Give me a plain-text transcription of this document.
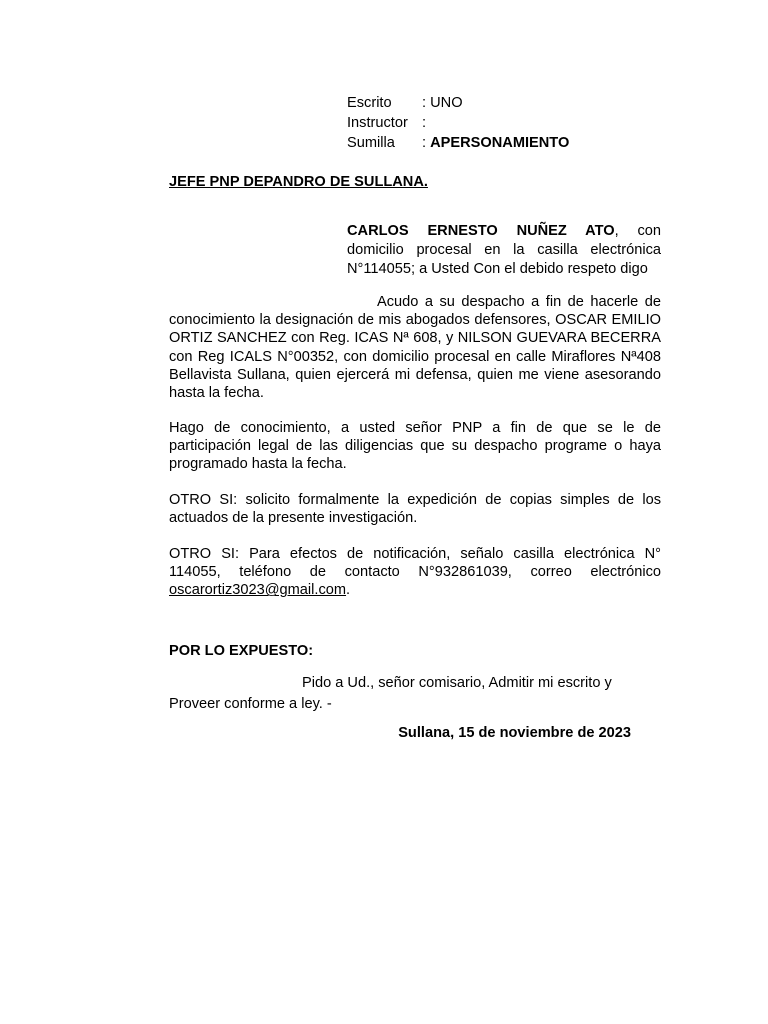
Escrito	: UNO
Instructor :
Sumilla	: APERSONAMIENTO
JEFE PNP DEPANDRO DE SULLANA.
CARLOS ERNESTO NUÑEZ ATO, con domicilio procesal en la casilla electrónica N°114055; a Usted Con el debido respeto digo
Acudo a su despacho a fin de hacerle de conocimiento la designación de mis abogados defensores, OSCAR EMILIO ORTIZ SANCHEZ con Reg. ICAS Nª 608, y NILSON GUEVARA BECERRA con Reg ICALS N°00352, con domicilio procesal en calle Miraflores Nª408 Bellavista Sullana, quien ejercerá mi defensa, quien me viene asesorando hasta la fecha.
Hago de conocimiento, a usted señor PNP a fin de que se le de participación legal de las diligencias que su despacho programe o haya programado hasta la fecha.
OTRO SI: solicito formalmente la expedición de copias simples de los actuados de la presente investigación.
OTRO SI: Para efectos de notificación, señalo casilla electrónica N° 114055, teléfono de contacto N°932861039, correo electrónico oscarortiz3023@gmail.com.
POR LO EXPUESTO:
Pido a Ud., señor comisario, Admitir mi escrito y Proveer conforme a ley. -
Sullana, 15 de noviembre de 2023
